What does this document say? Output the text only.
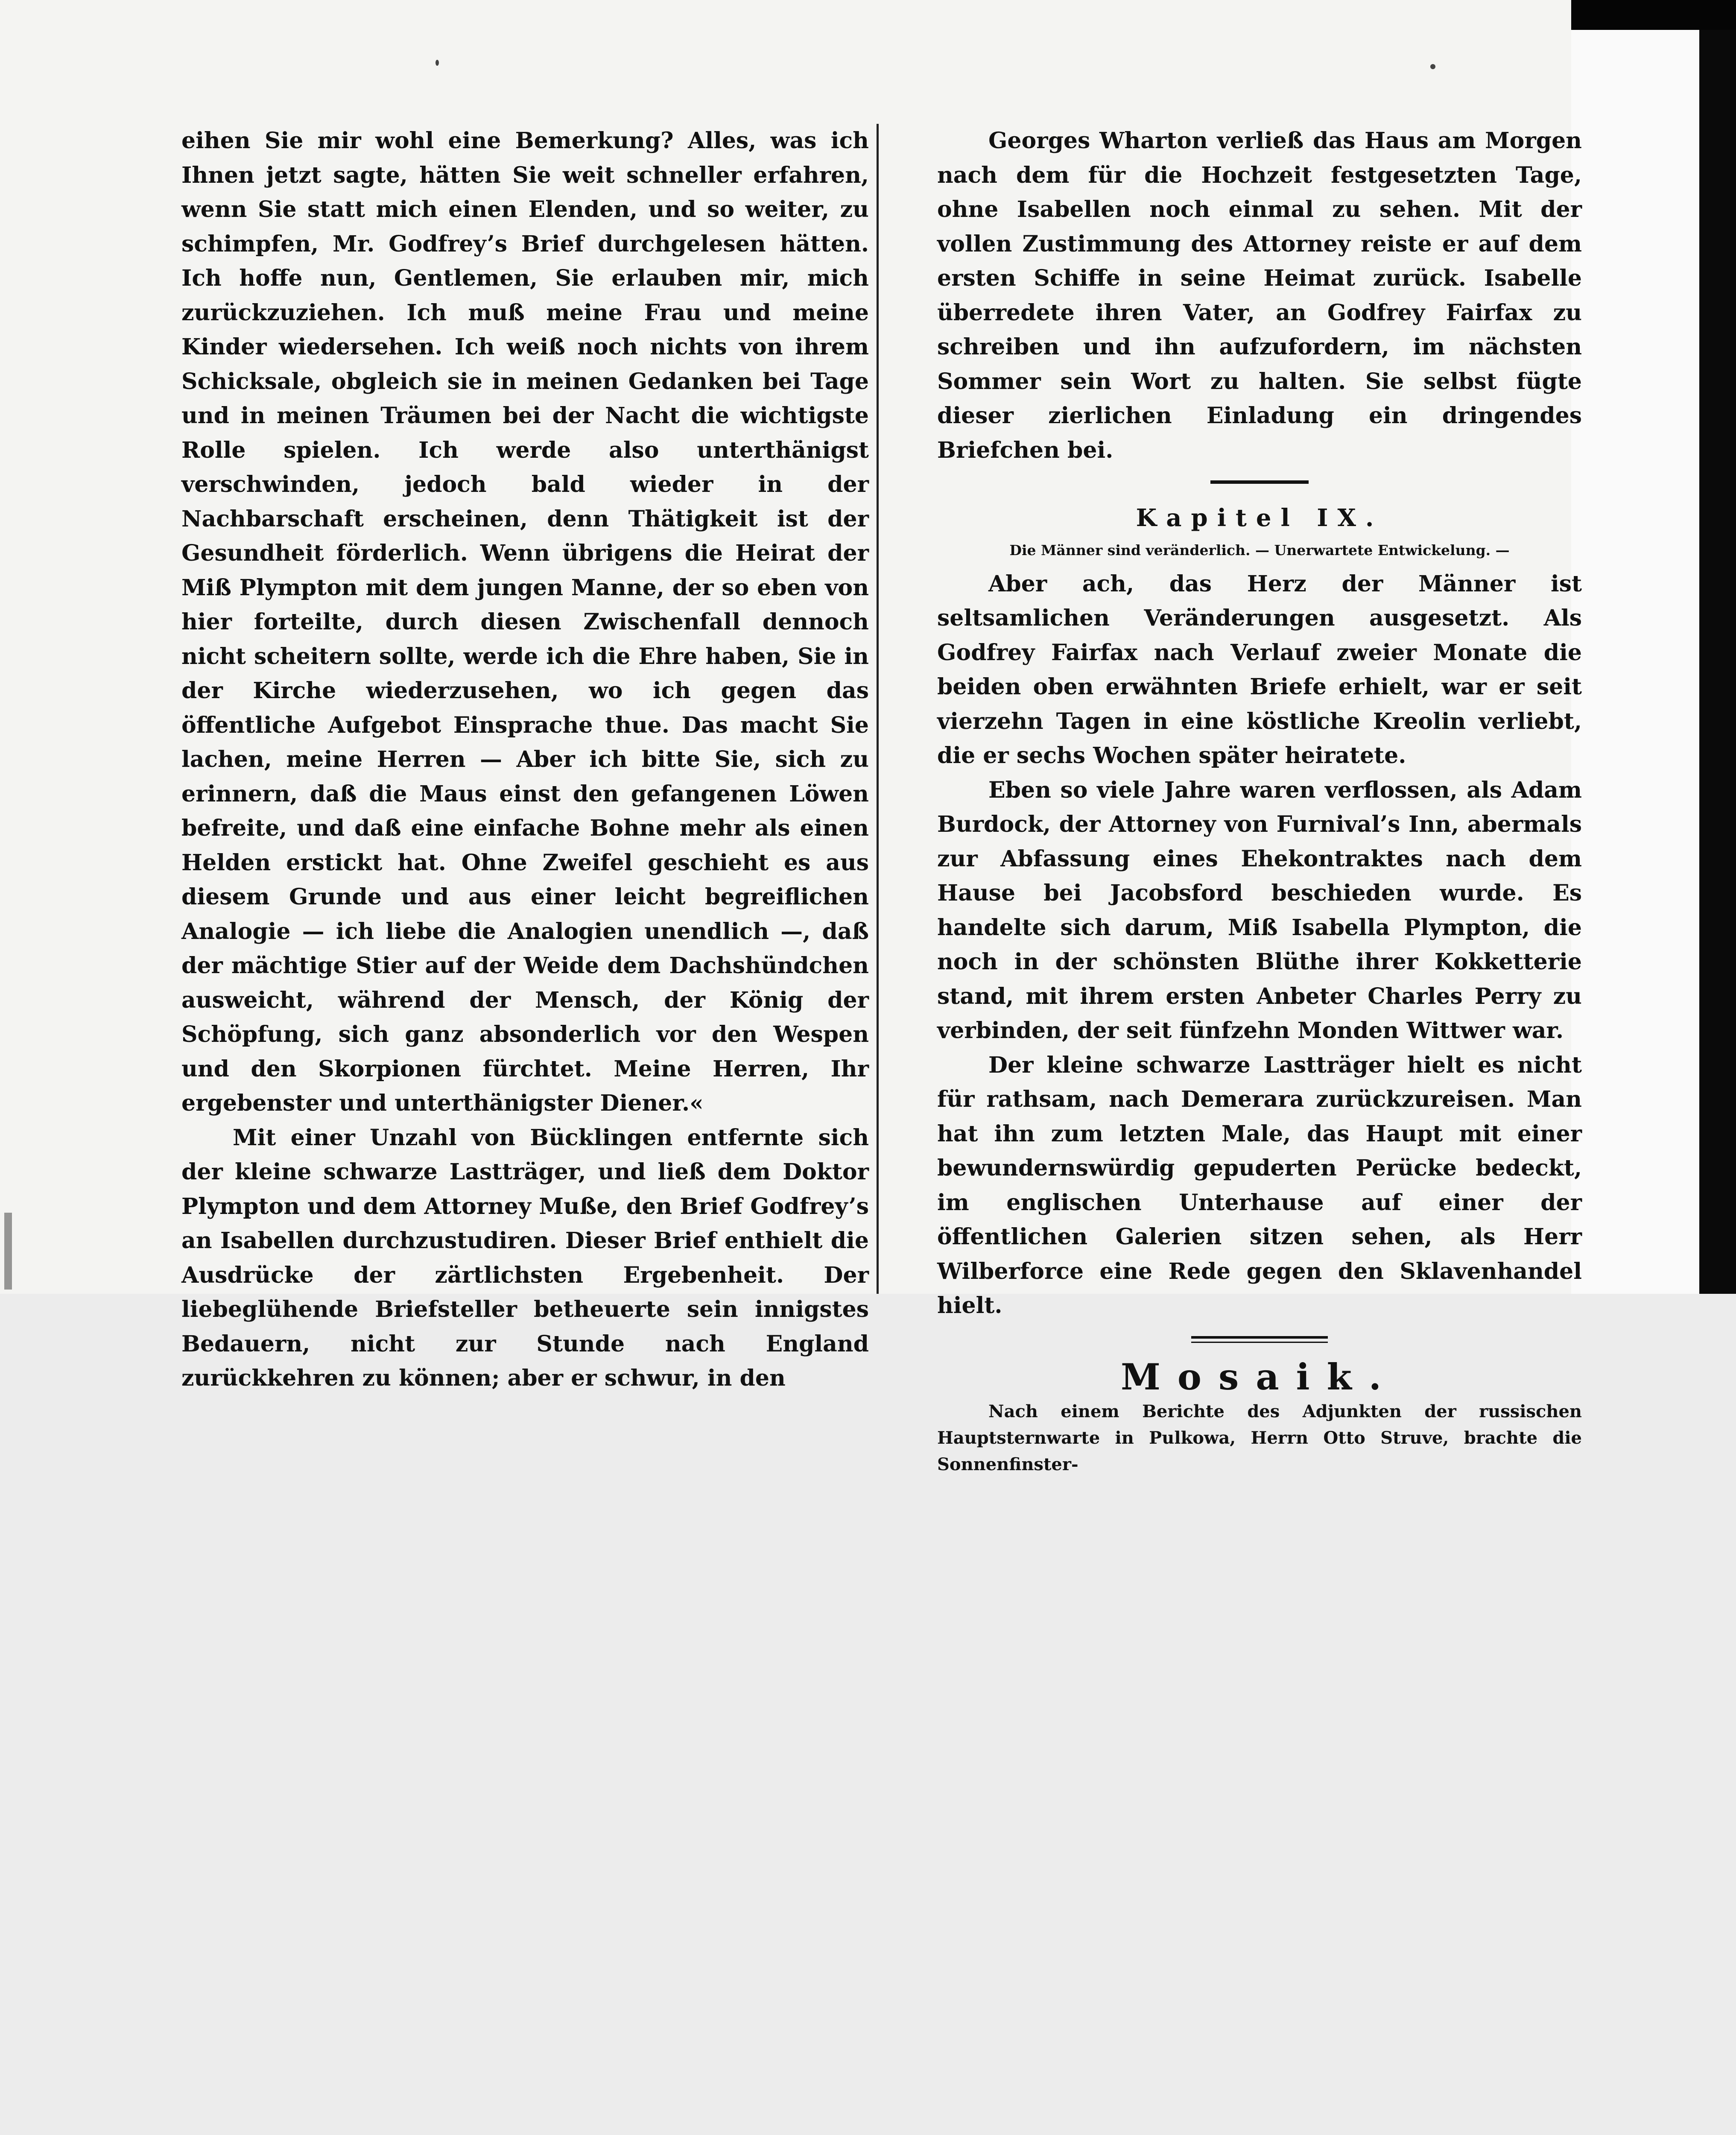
eihen Sie mir wohl eine Bemerkung? Alles, was ich Ihnen jetzt sagte, hätten Sie weit schneller erfahren, wenn Sie statt mich einen Elenden, und so weiter, zu schimpfen, Mr. Godfrey’s Brief durchgelesen hätten. Ich hoffe nun, Gentlemen, Sie erlauben mir, mich zurückzuziehen. Ich muß meine Frau und meine Kinder wiedersehen. Ich weiß noch nichts von ihrem Schicksale, obgleich sie in meinen Gedanken bei Tage und in meinen Träumen bei der Nacht die wichtigste Rolle spielen. Ich werde also unterthänigst verschwinden, jedoch bald wieder in der Nachbarschaft erscheinen, denn Thätigkeit ist der Gesundheit förderlich. Wenn übrigens die Heirat der Miß Plympton mit dem jungen Manne, der so eben von hier forteilte, durch diesen Zwischenfall dennoch nicht scheitern sollte, werde ich die Ehre haben, Sie in der Kirche wiederzusehen, wo ich gegen das öffentliche Aufgebot Einsprache thue. Das macht Sie lachen, meine Herren — Aber ich bitte Sie, sich zu erinnern, daß die Maus einst den gefangenen Löwen befreite, und daß eine einfache Bohne mehr als einen Helden erstickt hat. Ohne Zweifel geschieht es aus diesem Grunde und aus einer leicht begreiflichen Analogie — ich liebe die Analogien unendlich —, daß der mächtige Stier auf der Weide dem Dachshündchen ausweicht, während der Mensch, der König der Schöpfung, sich ganz absonderlich vor den Wespen und den Skorpionen fürchtet. Meine Herren, Ihr ergebenster und unterthänigster Diener.«

Mit einer Unzahl von Bücklingen entfernte sich der kleine schwarze Lastträger, und ließ dem Doktor Plympton und dem Attorney Muße, den Brief Godfrey’s an Isabellen durchzustudiren. Dieser Brief enthielt die Ausdrücke der zärtlichsten Ergebenheit. Der liebeglühende Briefsteller betheuerte sein innigstes Bedauern, nicht zur Stunde nach England zurückkehren zu können; aber er schwur, in den

Georges Wharton verließ das Haus am Morgen nach dem für die Hochzeit festgesetzten Tage, ohne Isabellen noch einmal zu sehen. Mit der vollen Zustimmung des Attorney reiste er auf dem ersten Schiffe in seine Heimat zurück. Isabelle überredete ihren Vater, an Godfrey Fairfax zu schreiben und ihn aufzufordern, im nächsten Sommer sein Wort zu halten. Sie selbst fügte dieser zierlichen Einladung ein dringendes Briefchen bei.

Kapitel IX.
Die Männer sind veränderlich. — Unerwartete Entwickelung. —

Aber ach, das Herz der Männer ist seltsamlichen Veränderungen ausgesetzt. Als Godfrey Fairfax nach Verlauf zweier Monate die beiden oben erwähnten Briefe erhielt, war er seit vierzehn Tagen in eine köstliche Kreolin verliebt, die er sechs Wochen später heiratete.

Eben so viele Jahre waren verflossen, als Adam Burdock, der Attorney von Furnival’s Inn, abermals zur Abfassung eines Ehekontraktes nach dem Hause bei Jacobsford beschieden wurde. Es handelte sich darum, Miß Isabella Plympton, die noch in der schönsten Blüthe ihrer Kokketterie stand, mit ihrem ersten Anbeter Charles Perry zu verbinden, der seit fünfzehn Monden Wittwer war.

Der kleine schwarze Lastträger hielt es nicht für rathsam, nach Demerara zurückzureisen. Man hat ihn zum letzten Male, das Haupt mit einer bewundernswürdig gepuderten Perücke bedeckt, im englischen Unterhause auf einer der öffentlichen Galerien sitzen sehen, als Herr Wilberforce eine Rede gegen den Sklavenhandel hielt.

Mosaik.

Nach einem Berichte des Adjunkten der russischen Hauptsternwarte in Pulkowa, Herrn Otto Struve, brachte die Sonnenfinster-
